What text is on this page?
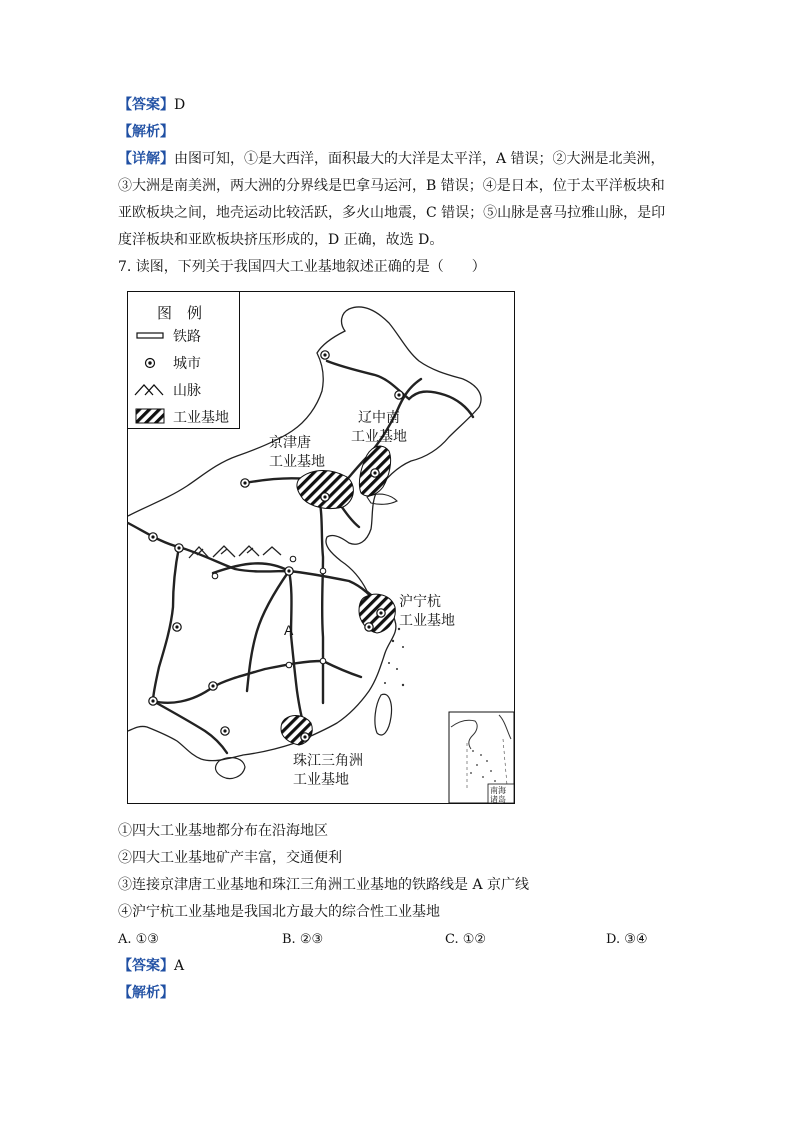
【答案】D
【解析】
【详解】由图可知，①是大西洋，面积最大的大洋是太平洋，A 错误；②大洲是北美洲，
③大洲是南美洲，两大洲的分界线是巴拿马运河，B 错误；④是日本，位于太平洋板块和
亚欧板块之间，地壳运动比较活跃，多火山地震，C 错误；⑤山脉是喜马拉雅山脉，是印
度洋板块和亚欧板块挤压形成的，D 正确，故选 D。
7. 读图，下列关于我国四大工业基地叙述正确的是（　　）
图　例
铁路
城市
山脉
工业基地	辽中南
工业基地
京津唐
工业基地
沪宁杭
工业基地
珠江三角洲
工业基地
A
南海
诸岛
①四大工业基地都分布在沿海地区
②四大工业基地矿产丰富，交通便利
③连接京津唐工业基地和珠江三角洲工业基地的铁路线是 A 京广线
④沪宁杭工业基地是我国北方最大的综合性工业基地
A. ①③	B. ②③	C. ①②	D. ③④
【答案】A
【解析】
